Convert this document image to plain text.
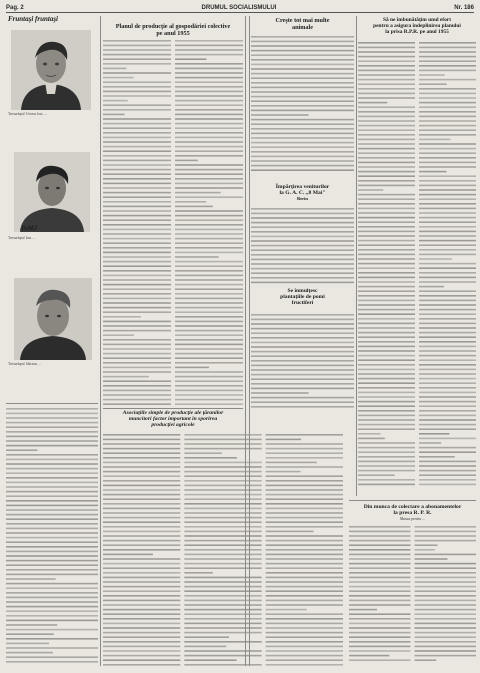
Pag. 2	DRUMUL SOCIALISMULUI	Nr. 186
Fruntaşi fruntaşi
Tovarăşul Ursea Ion ...
JiuMJ
Tovarăşul Ion ...
Tovarăşul Mirion ...
Planul de producţie al gospodăriei colective
pe anul 1955
Asociaţiile simple de producţie ale ţăranilor
muncitori factor important în sporirea
producţiei agricole
Creşte tot mai multe
animale
Împărţirea veniturilor
la G. A. C. „8 Mai"
Berin
Se înmulţesc
plantaţiile de pomi
fructiferi
Să ne îmbunătăţim unul efort
pentru a asigura îndeplinirea planului
la prisa R.P.R. pe anul 1955
Din munca de colectare a abonamentelor
la presa R. P. R.
Munca pentru ...
